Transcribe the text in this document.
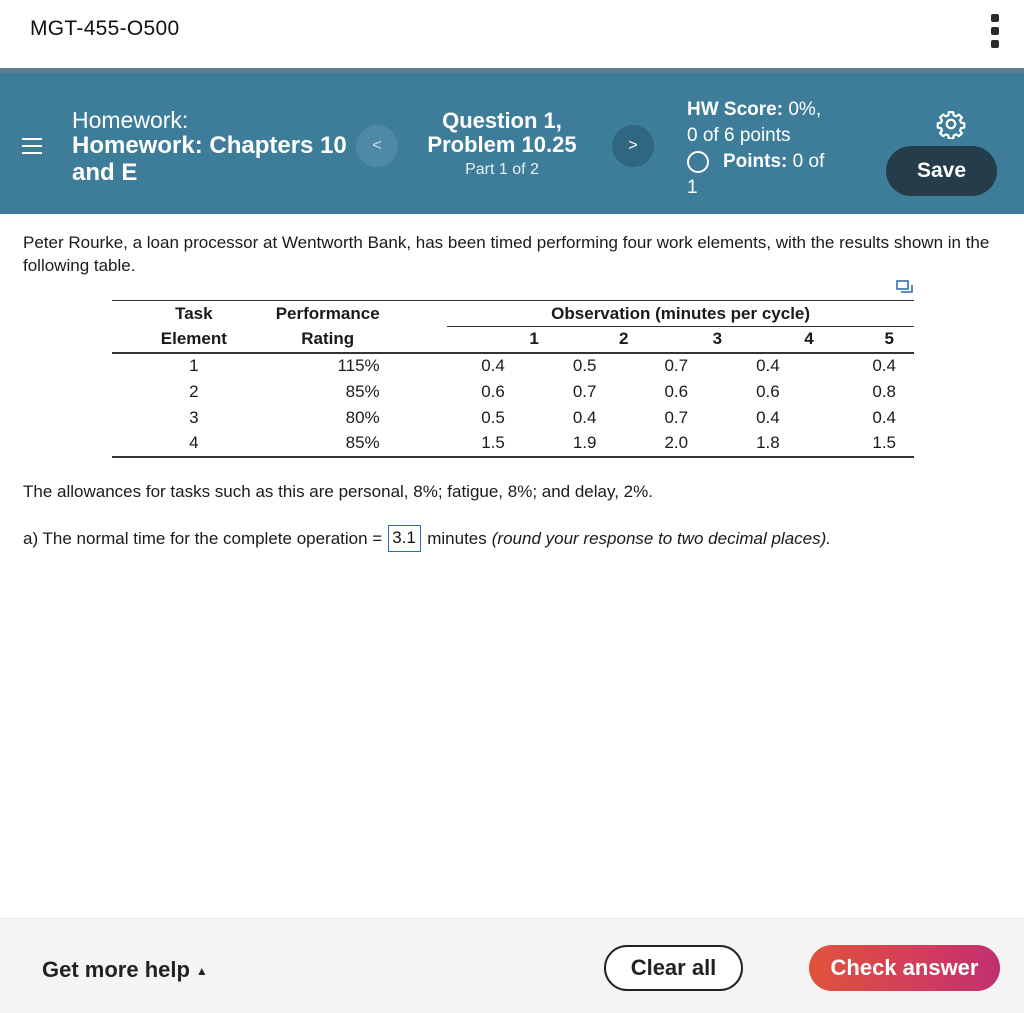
MGT-455-O500
Homework:
Homework: Chapters 10 and E
<
Question 1, Problem 10.25
Part 1 of 2
>
HW Score: 0%,
0 of 6 points
Points:
0 of
1
Save
Peter Rourke, a loan processor at Wentworth Bank, has been timed performing four work elements, with the results shown in the following table.
Task	Performance		Observation (minutes per cycle)				
Element	Rating		1	2	3	4	5
1	115%		0.4	0.5	0.7	0.4	0.4
2	85%		0.6	0.7	0.6	0.6	0.8
3	80%		0.5	0.4	0.7	0.4	0.4
4	85%		1.5	1.9	2.0	1.8	1.5
The allowances for tasks such as this are personal, 8%; fatigue, 8%; and delay, 2%.
a) The normal time for the complete operation = 3.1 minutes (round your response to two decimal places).
Get more help ▲	Clear all	Check answer
